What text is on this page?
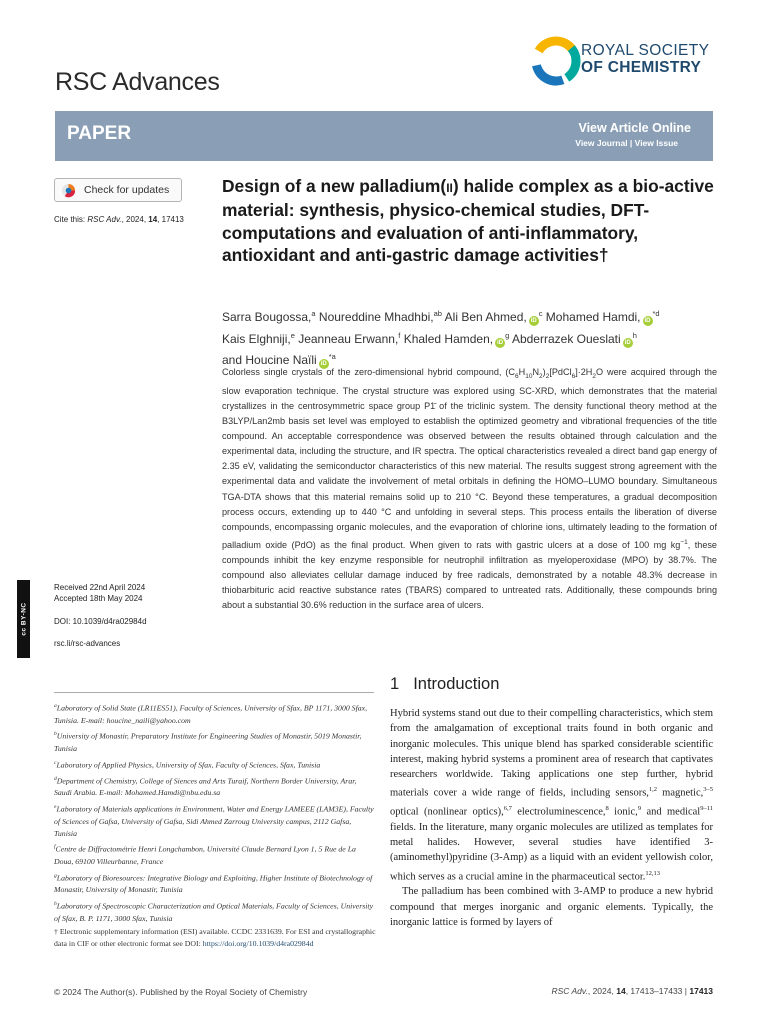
RSC Advances
ROYAL SOCIETY
OF CHEMISTRY
PAPER	View Article Online
View Journal | View Issue
Check for updates
Cite this: RSC Adv., 2024, 14, 17413
Design of a new palladium(II) halide complex as a bio-active material: synthesis, physico-chemical studies, DFT-computations and evaluation of anti-inflammatory, antioxidant and anti-gastric damage activities†
Sarra Bougossa,$^a$ Noureddine Mhadhbi,$^{ab}$ Ali Ben Ahmed, $iD^c$ Mohamed Hamdi, $iD^{*d}$
Kais Elghniji,$^e$ Jeanneau Erwann,$^f$ Khaled Hamden, $iD^g$ Abderrazek Oueslati $iD^h$
and Houcine Naïli $iD^{*a}$
Colorless single crystals of the zero-dimensional hybrid compound, $(C_6H_{10}N_2)_2[PdCl_6]\cdot 2H_2O$ were acquired through the slow evaporation technique. The crystal structure was explored using SC-XRD, which demonstrates that the material crystallizes in the centrosymmetric space group P1̄ of the triclinic system. The density functional theory method at the B3LYP/Lan2mb basis set level was employed to establish the optimized geometry and vibrational frequencies of the title compound. An acceptable correspondence was observed between the results obtained through calculation and the experimental data, including the structure, and IR spectra. The optical characteristics revealed a direct band gap energy of 2.35 eV, validating the semiconductor characteristics of this new material. The results suggest strong agreement with the experimental data and validate the involvement of metal orbitals in defining the HOMO–LUMO boundary. Simultaneous TGA-DTA shows that this material remains solid up to 210 °C. Beyond these temperatures, a gradual decomposition process occurs, extending up to 440 °C and unfolding in several steps. This process entails the liberation of diverse compounds, encompassing organic molecules, and the evaporation of chlorine ions, ultimately leading to the formation of palladium oxide (PdO) as the final product. When given to rats with gastric ulcers at a dose of 100 mg $kg^{-1}$, these compounds inhibit the key enzyme responsible for neutrophil infiltration as myeloperoxidase (MPO) by 38.7%. The compound also alleviates cellular damage induced by free radicals, demonstrated by a notable 48.3% decrease in thiobarbituric acid reactive substance rates (TBARS) compared to untreated rats. Additionally, these compounds bring about a substantial 30.6% reduction in the surface area of ulcers.
cc BY-NC
Received 22nd April 2024
Accepted 18th May 2024
DOI: 10.1039/d4ra02984d
rsc.li/rsc-advances
$^a$Laboratory of Solid State (LR11ES51), Faculty of Sciences, University of Sfax, BP 1171, 3000 Sfax, Tunisia. E-mail: houcine_naili@yahoo.com
$^b$University of Monastir, Preparatory Institute for Engineering Studies of Monastir, 5019 Monastir, Tunisia
$^c$Laboratory of Applied Physics, University of Sfax, Faculty of Sciences, Sfax, Tunisia
$^d$Department of Chemistry, College of Siences and Arts Turaif, Northern Border University, Arar, Saudi Arabia. E-mail: Mohamed.Hamdi@nbu.edu.sa
$^e$Laboratory of Materials applications in Environment, Water and Energy LAMEEE (LAM3E), Faculty of Sciences of Gafsa, University of Gafsa, Sidi Ahmed Zarroug University campus, 2112 Gafsa, Tunisia
$^f$Centre de Diffractométrie Henri Longchambon, Université Claude Bernard Lyon 1, 5 Rue de La Doua, 69100 Villeurbanne, France
$^g$Laboratory of Bioresources: Integrative Biology and Exploiting, Higher Institute of Biotechnology of Monastir, University of Monastir, Tunisia
$^h$Laboratory of Spectroscopic Characterization and Optical Materials, Faculty of Sciences, University of Sfax, B. P. 1171, 3000 Sfax, Tunisia
† Electronic supplementary information (ESI) available. CCDC 2331639. For ESI and crystallographic data in CIF or other electronic format see DOI: https://doi.org/10.1039/d4ra02984d
1 Introduction

Hybrid systems stand out due to their compelling characteristics, which stem from the amalgamation of exceptional traits found in both organic and inorganic molecules. This unique blend has sparked considerable scientific interest, making hybrid systems a prominent area of research that captivates researchers worldwide. Taking applications one step further, hybrid materials cover a wide range of fields, including sensors,$^{1,2}$ magnetic,$^{3-5}$ optical (nonlinear optics),$^{6,7}$ electroluminescence,$^8$ ionic,$^9$ and medical$^{9-11}$ fields. In the literature, many organic molecules are utilized as templates for metal halides. However, several studies have identified 3-(aminomethyl)pyridine (3-Amp) as a liquid with an evident yellowish color, which serves as a crucial amine in the pharmaceutical sector.$^{12,13}$

The palladium has been combined with 3-AMP to produce a new hybrid compound that merges inorganic and organic elements. Typically, the inorganic lattice is formed by layers of

© 2024 The Author(s). Published by the Royal Society of Chemistry	RSC Adv., 2024, 14, 17413–17433 | 17413
